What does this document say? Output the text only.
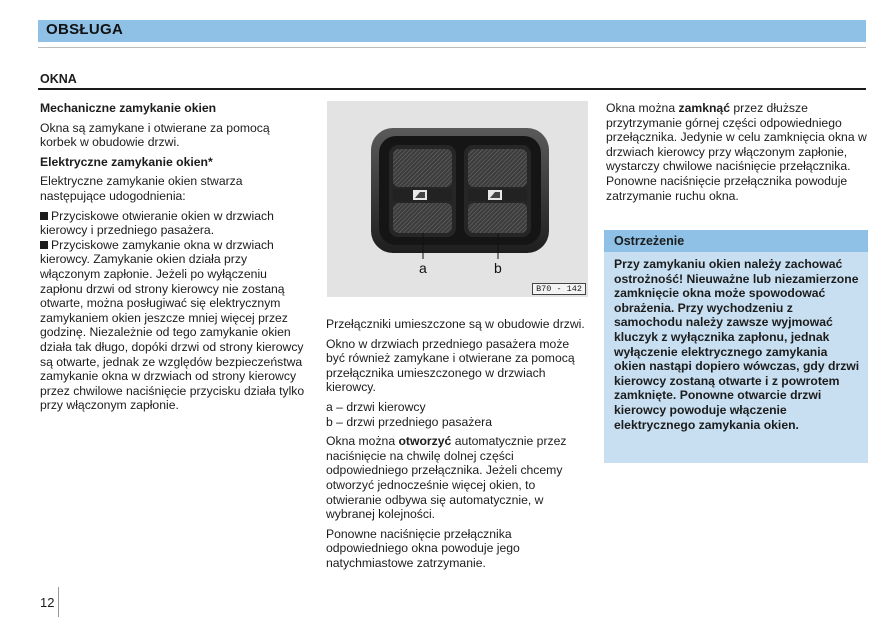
OBSŁUGA
OKNA

Mechaniczne zamykanie okien

Okna są zamykane i otwierane za pomocą korbek w obudowie drzwi.

Elektryczne zamykanie okien*

Elektryczne zamykanie okien stwarza następujące udogodnienia:

Przyciskowe otwieranie okien w drzwiach kierowcy i przedniego pasażera.

Przyciskowe zamykanie okna w drzwiach kierowcy. Zamykanie okien działa przy włączonym zapłonie. Jeżeli po wyłączeniu zapłonu drzwi od strony kierowcy nie zostaną otwarte, można posługiwać się elektrycznym zamykaniem okien jeszcze mniej więcej przez godzinę. Niezależnie od tego zamykanie okien działa tak długo, dopóki drzwi od strony kierowcy są otwarte, jednak ze względów bezpieczeństwa zamykanie okna w drzwiach od strony kierowcy przez chwilowe naciśnięcie przycisku działa tylko przy włączonym zapłonie.

a	b
B70 - 142

Przełączniki umieszczone są w obudowie drzwi.

Okno w drzwiach przedniego pasażera może być również zamykane i otwierane za pomocą przełącznika umieszczonego w drzwiach kierowcy.

a – drzwi kierowcy

b – drzwi przedniego pasażera

Okna można otworzyć automatycznie przez naciśnięcie na chwilę dolnej części odpowiedniego przełącznika. Jeżeli chcemy otworzyć jednocześnie więcej okien, to otwieranie odbywa się automatycznie, w wybranej kolejności.

Ponowne naciśnięcie przełącznika odpowiedniego okna powoduje jego natychmiastowe zatrzymanie.

Okna można zamknąć przez dłuższe przytrzymanie górnej części odpowiedniego przełącznika. Jedynie w celu zamknięcia okna w drzwiach kierowcy przy włączonym zapłonie, wystarczy chwilowe naciśnięcie przełącznika. Ponowne naciśnięcie przełącznika powoduje zatrzymanie ruchu okna.

Ostrzeżenie
Przy zamykaniu okien należy zachować ostrożność! Nieuważne lub niezamierzone zamknięcie okna może spowodować obrażenia. Przy wychodzeniu z samochodu należy zawsze wyjmować kluczyk z wyłącznika zapłonu, jednak wyłączenie elektrycznego zamykania okien nastąpi dopiero wówczas, gdy drzwi kierowcy zostaną otwarte i z powrotem zamknięte. Ponowne otwarcie drzwi kierowcy powoduje włączenie elektrycznego zamykania okien.
12
